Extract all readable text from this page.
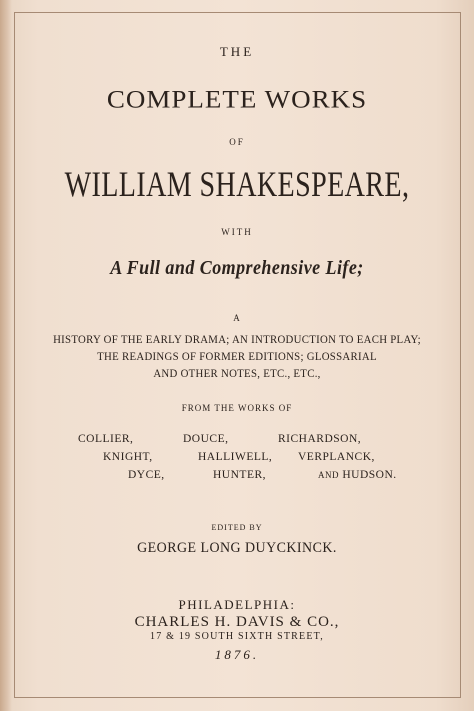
THE
COMPLETE WORKS
OF
WILLIAM SHAKESPEARE,
WITH
A Full and Comprehensive Life;
A
HISTORY OF THE EARLY DRAMA; AN INTRODUCTION TO EACH PLAY;
THE READINGS OF FORMER EDITIONS; GLOSSARIAL
AND OTHER NOTES, ETC., ETC.,
FROM THE WORKS OF
COLLIER,	DOUCE,	RICHARDSON,
KNIGHT,	HALLIWELL, VERPLANCK,
DYCE,	HUNTER,	AND HUDSON.
EDITED BY
GEORGE LONG DUYCKINCK.
PHILADELPHIA:
CHARLES H. DAVIS & CO.,
17 & 19 SOUTH SIXTH STREET,
1876.
